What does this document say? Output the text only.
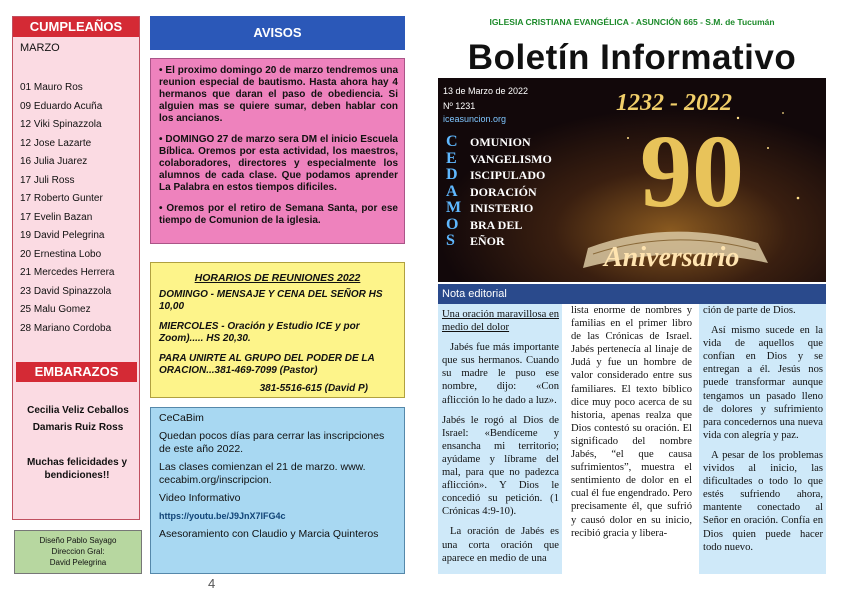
CUMPLEAÑOS
MARZO
01 Mauro Ros
09 Eduardo Acuña
12 Viki Spinazzola
12 Jose Lazarte
16 Julia Juarez
17 Juli Ross
17 Roberto Gunter
17 Evelin Bazan
19 David Pelegrina
20 Ernestina Lobo
21 Mercedes Herrera
23 David Spinazzola
25 Malu Gomez
28 Mariano Cordoba
EMBARAZOS
Cecilia Veliz Ceballos
Damaris Ruiz Ross
Muchas felicidades y bendiciones!!
Diseño Pablo Sayago
Direccion Gral:
David Pelegrina
4
AVISOS

• El proximo domingo 20 de marzo tendremos una reunion especial de bautismo. Hasta ahora hay 4 hermanos que daran el paso de obediencia. Si alguien mas se quiere sumar, deben hablar con los ancianos.

• DOMINGO 27 de marzo sera DM el inicio Escuela Bíblica. Oremos por esta actividad, los maestros, colaboradores, directores y especialmente los alumnos de cada clase. Que podamos aprender La Palabra en estos tiempos dificiles.

• Oremos por el retiro de Semana Santa, por ese tiempo de Comunion de la iglesia.

HORARIOS DE REUNIONES 2022

DOMINGO - MENSAJE Y CENA DEL SEÑOR HS 10,00

MIERCOLES - Oración y Estudio ICE y por Zoom)..... HS 20,30.

PARA UNIRTE AL GRUPO DEL PODER DE LA ORACION...381-469-7099 (Pastor)

381-5516-615 (David P)

CeCaBim

Quedan pocos días para cerrar las inscripciones de este año 2022.

Las clases comienzan el 21 de marzo. www. cecabim.org/inscripcion.

Video Informativo

https://youtu.be/J9JnX7lFG4c

Asesoramiento con Claudio y Marcia Quinteros

IGLESIA CRISTIANA EVANGÉLICA - ASUNCIÓN 665 - S.M. de Tucumán
Boletín Informativo
13 de Marzo de 2022
Nº 1231
iceasuncion.org
1232 - 2022
90
Aniversario
C OMUNION
E VANGELISMO
D ISCIPULADO
A DORACIÓN
M INISTERIO
O BRA DEL
S EÑOR
Nota editorial

Una oración maravillosa en medio del dolor

Jabés fue más importante que sus hermanos. Cuando su madre le puso ese nombre, dijo: «Con aflicción lo he dado a luz».

Jabés le rogó al Dios de Israel: «Bendíceme y ensancha mi territorio; ayúdame y líbrame del mal, para que no padezca aflicción». Y Dios le concedió su petición. (1 Crónicas 4:9-10).

La oración de Jabés es una corta oración que aparece en medio de una

lista enorme de nombres y familias en el primer libro de las Crónicas de Israel. Jabés pertenecía al linaje de Judá y fue un hombre de valor considerado entre sus familiares. El texto bíblico dice muy poco acerca de su historia, apenas realza que Dios contestó su oración. El significado del nombre Jabés, “el que causa sufrimientos”, muestra el sentimiento de dolor en el cual él fue engendrado. Pero precisamente él, que sufrió y causó dolor en su inicio, recibió gracia y libera-

ción de parte de Dios.

Así mismo sucede en la vida de aquellos que confían en Dios y se entregan a él. Jesús nos puede transformar aunque tengamos un pasado lleno de dolores y sufrimiento para concedernos una nueva vida con alegría y paz.

A pesar de los problemas vividos al inicio, las dificultades o todo lo que estés sufriendo ahora, mantente conectado al Señor en oración. Confía en Dios quien puede hacer todo nuevo.
